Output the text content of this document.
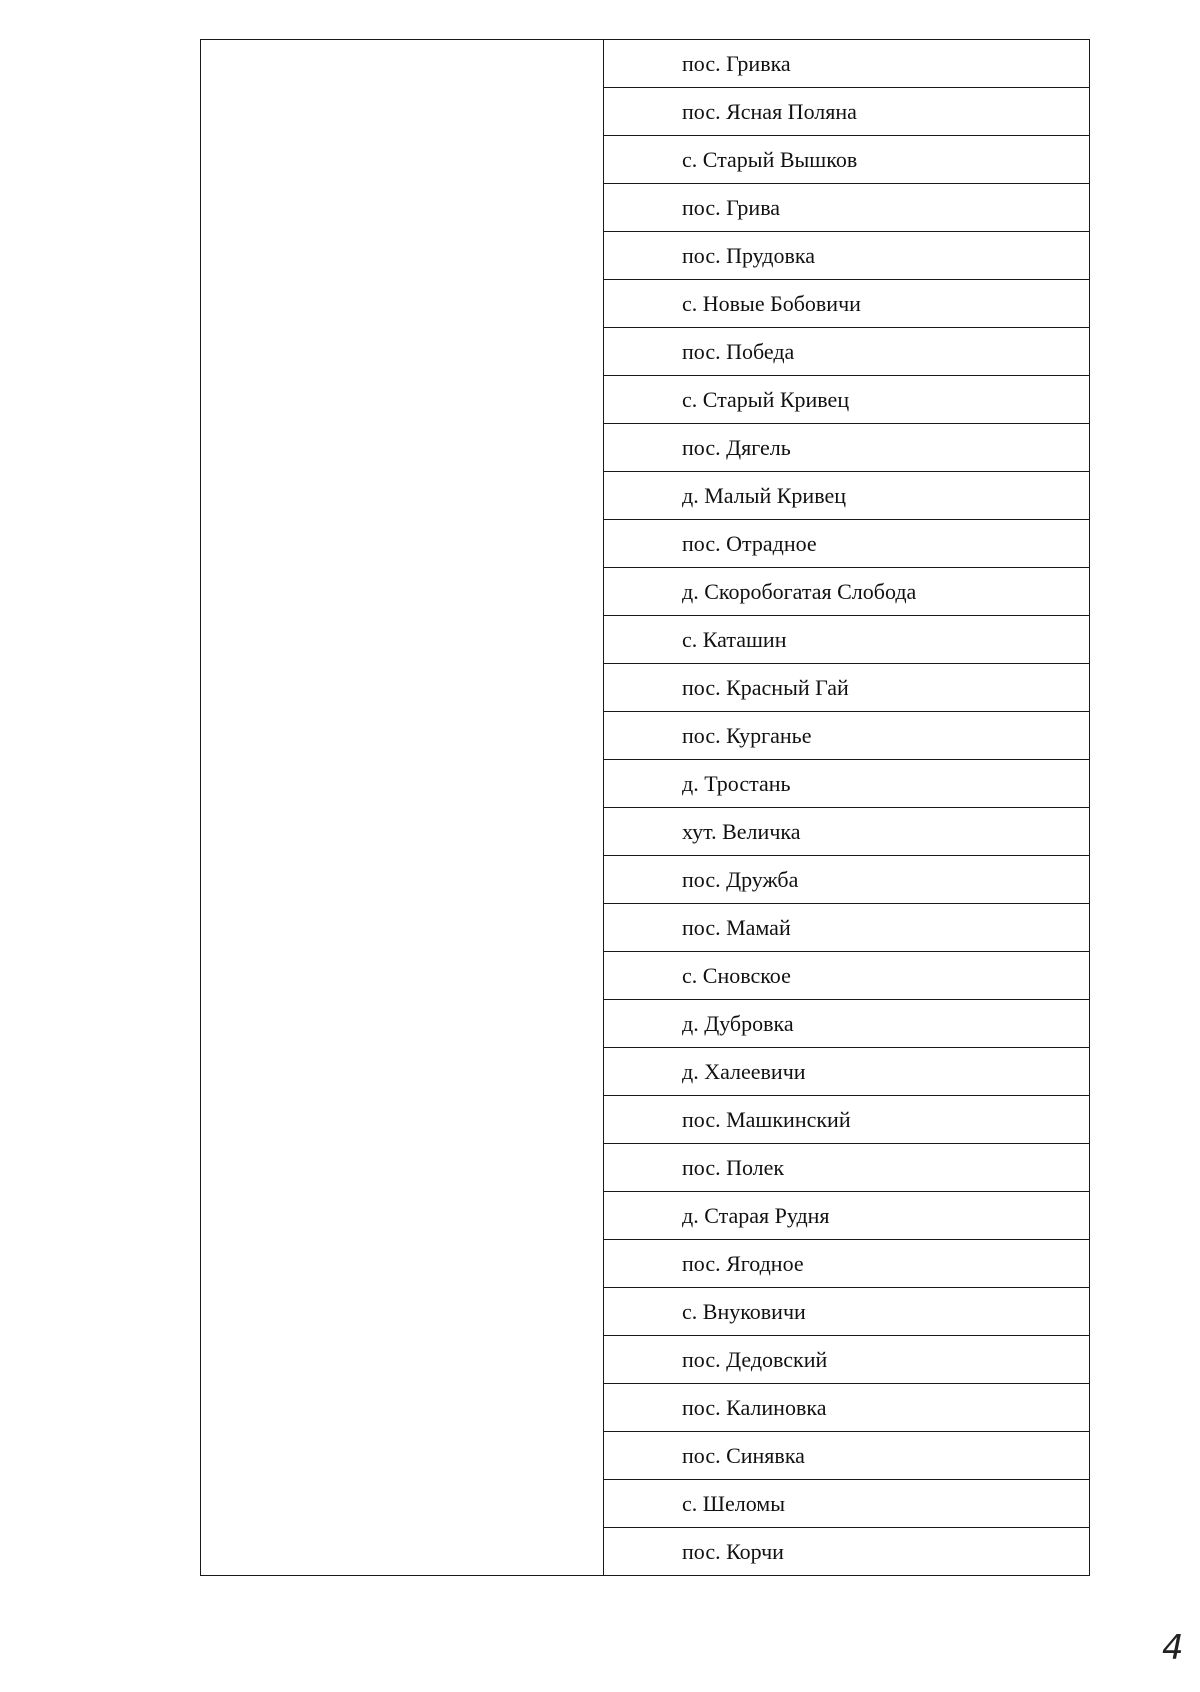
	пос. Гривка
пос. Ясная Поляна
с. Старый Вышков
пос. Грива
пос. Прудовка
с. Новые Бобовичи
пос. Победа
с. Старый Кривец
пос. Дягель
д. Малый Кривец
пос. Отрадное
д. Скоробогатая Слобода
с. Каташин
пос. Красный Гай
пос. Курганье
д. Тростань
хут. Величка
пос. Дружба
пос. Мамай
с. Сновское
д. Дубровка
д. Халеевичи
пос. Машкинский
пос. Полек
д. Старая Рудня
пос. Ягодное
с. Внуковичи
пос. Дедовский
пос. Калиновка
пос. Синявка
с. Шеломы
пос. Корчи
4
